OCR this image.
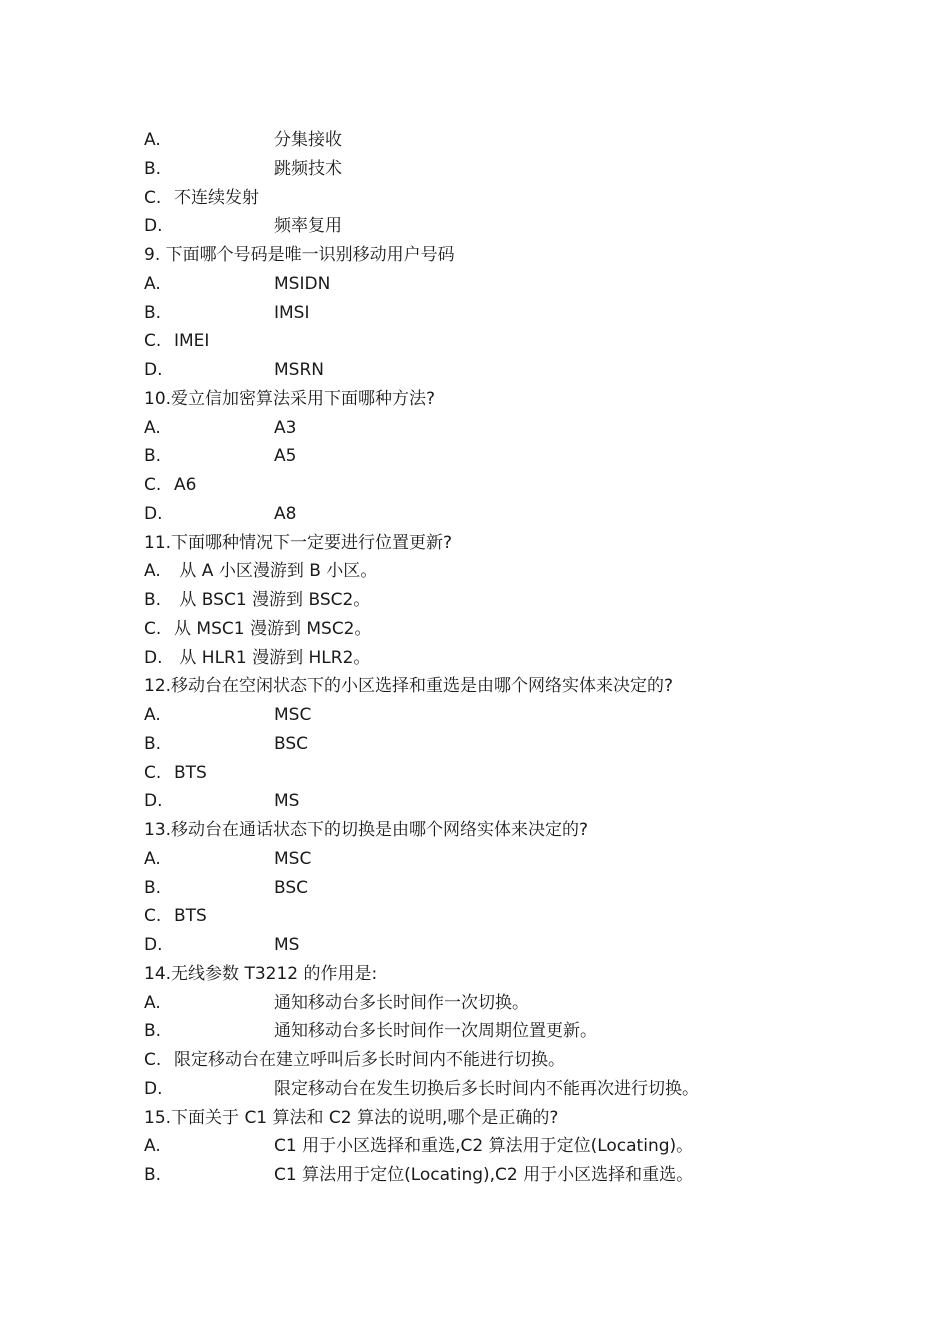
A.	分集接收
B.	跳频技术
C. 不连续发射
D.	频率复用
9. 下面哪个号码是唯一识别移动用户号码
A.	MSIDN
B.	IMSI
C. IMEI
D.	MSRN
10.爱立信加密算法采用下面哪种方法?
A.	A3
B.	A5
C. A6
D.	A8
11.下面哪种情况下一定要进行位置更新?
A. 从 A 小区漫游到 B 小区。
B. 从 BSC1 漫游到 BSC2。
C. 从 MSC1 漫游到 MSC2。
D. 从 HLR1 漫游到 HLR2。
12.移动台在空闲状态下的小区选择和重选是由哪个网络实体来决定的?
A.	MSC
B.	BSC
C. BTS
D.	MS
13.移动台在通话状态下的切换是由哪个网络实体来决定的?
A.	MSC
B.	BSC
C. BTS
D.	MS
14.无线参数 T3212 的作用是:
A.	通知移动台多长时间作一次切换。
B.	通知移动台多长时间作一次周期位置更新。
C. 限定移动台在建立呼叫后多长时间内不能进行切换。
D.	限定移动台在发生切换后多长时间内不能再次进行切换。
15.下面关于 C1 算法和 C2 算法的说明,哪个是正确的?
A.	C1 用于小区选择和重选,C2 算法用于定位(Locating)。
B.	C1 算法用于定位(Locating),C2 用于小区选择和重选。
